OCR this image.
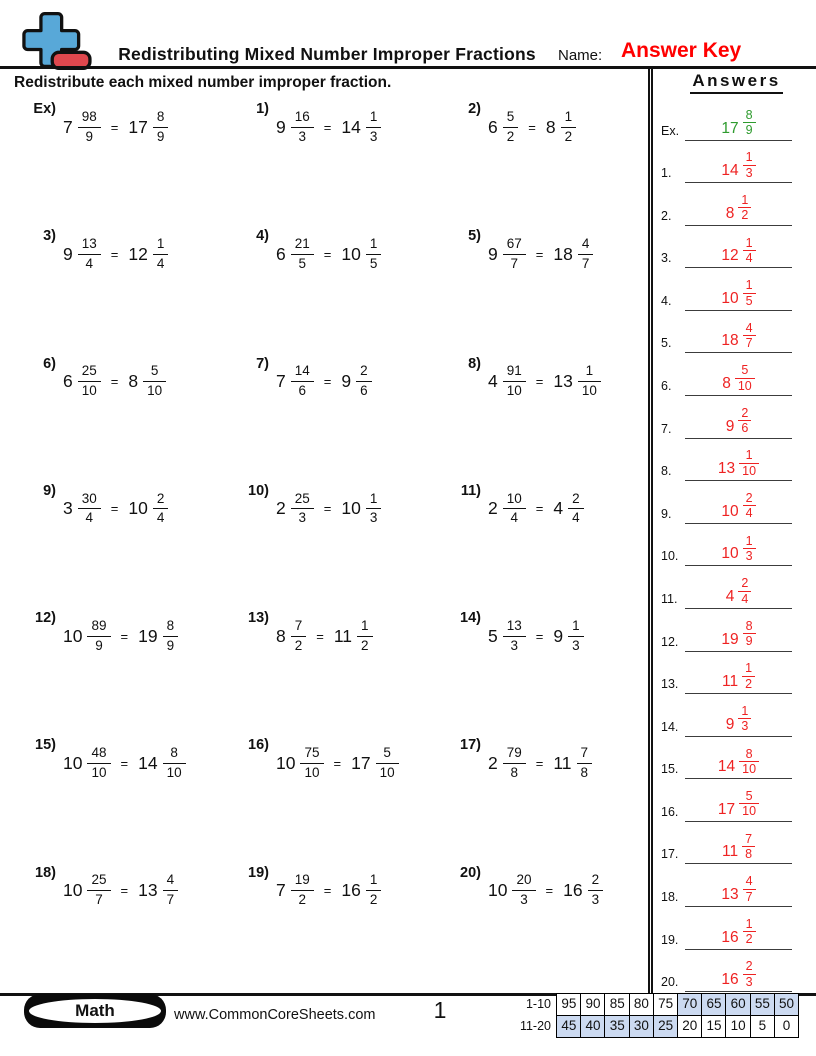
Redistributing Mixed Number Improper Fractions	Name: Answer Key
Redistribute each mixed number improper fraction.
Ex)
$7 \frac{98}{9} = 17 \frac{8}{9}$	1)
$9 \frac{16}{3} = 14 \frac{1}{3}$	2)
$6 \frac{5}{2} = 8 \frac{1}{2}$
3)
$9 \frac{13}{4} = 12 \frac{1}{4}$	4)
$6 \frac{21}{5} = 10 \frac{1}{5}$	5)
$9 \frac{67}{7} = 18 \frac{4}{7}$
6)
$6 \frac{25}{10} = 8 \frac{5}{10}$	7)
$7 \frac{14}{6} = 9 \frac{2}{6}$	8)
$4 \frac{91}{10} = 13 \frac{1}{10}$
9)
$3 \frac{30}{4} = 10 \frac{2}{4}$	10)
$2 \frac{25}{3} = 10 \frac{1}{3}$	11)
$2 \frac{10}{4} = 4 \frac{2}{4}$
12)
$10 \frac{89}{9} = 19 \frac{8}{9}$	13)
$8 \frac{7}{2} = 11 \frac{1}{2}$	14)
$5 \frac{13}{3} = 9 \frac{1}{3}$
15)
$10 \frac{48}{10} = 14 \frac{8}{10}$	16)
$10 \frac{75}{10} = 17 \frac{5}{10}$	17)
$2 \frac{79}{8} = 11 \frac{7}{8}$
18)
$10 \frac{25}{7} = 13 \frac{4}{7}$	19)
$7 \frac{19}{2} = 16 \frac{1}{2}$	20)
$10 \frac{20}{3} = 16 \frac{2}{3}$
Answers
Ex.	$17 \frac{8}{9}$
1.	$14 \frac{1}{3}$
2.	$8 \frac{1}{2}$
3.	$12 \frac{1}{4}$
4.	$10 \frac{1}{5}$
5.	$18 \frac{4}{7}$
6.	$8 \frac{5}{10}$
7.	$9 \frac{2}{6}$
8.	$13 \frac{1}{10}$
9.	$10 \frac{2}{4}$
10.	$10 \frac{1}{3}$
11.	$4 \frac{2}{4}$
12.	$19 \frac{8}{9}$
13.	$11 \frac{1}{2}$
14.	$9 \frac{1}{3}$
15.	$14 \frac{8}{10}$
16.	$17 \frac{5}{10}$
17.	$11 \frac{7}{8}$
18.	$13 \frac{4}{7}$
19.	$16 \frac{1}{2}$
20.	$16 \frac{2}{3}$
Math	www.CommonCoreSheets.com	1	1-10 95 90 85 80 75 70 65 60 55 50
11-20 45 40 35 30 25 20 15 10 5	0
